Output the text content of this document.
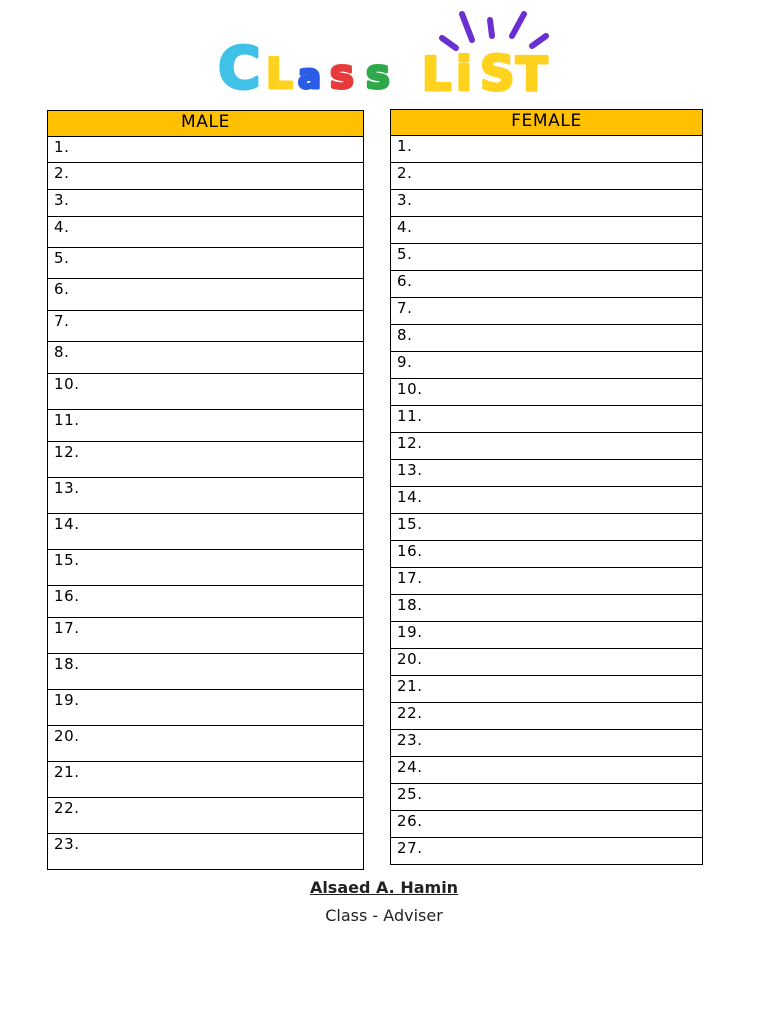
C L a s s L i S T
MALE
1.
2.
3.
4.
5.
6.
7.
8.
10.
11.
12.
13.
14.
15.
16.
17.
18.
19.
20.
21.
22.
23.
FEMALE
1.
2.
3.
4.
5.
6.
7.
8.
9.
10.
11.
12.
13.
14.
15.
16.
17.
18.
19.
20.
21.
22.
23.
24.
25.
26.
27.
Alsaed A. Hamin
Class - Adviser
